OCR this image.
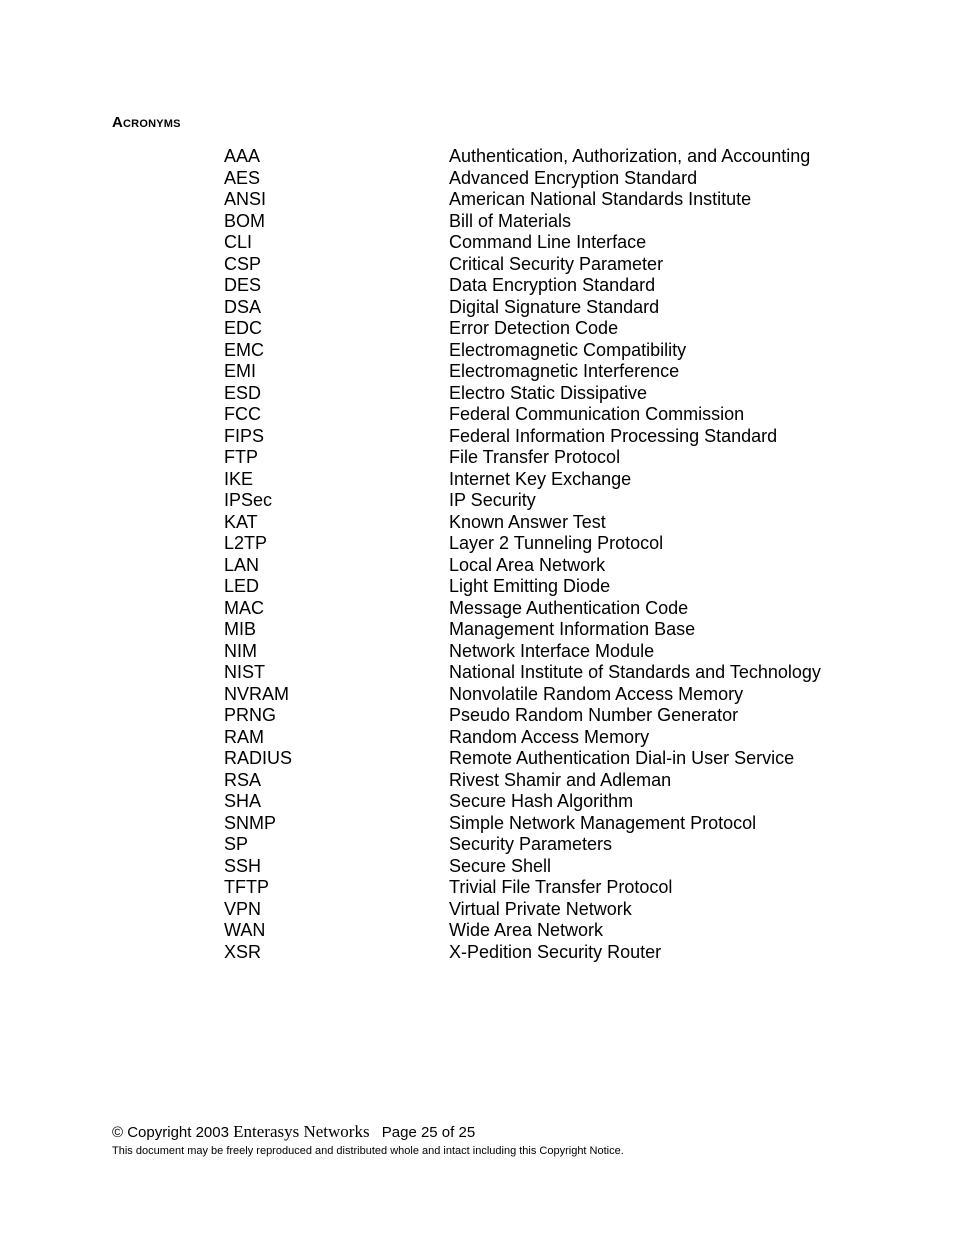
Acronyms
AAA	Authentication, Authorization, and Accounting
AES	Advanced Encryption Standard
ANSI	American National Standards Institute
BOM	Bill of Materials
CLI	Command Line Interface
CSP	Critical Security Parameter
DES	Data Encryption Standard
DSA	Digital Signature Standard
EDC	Error Detection Code
EMC	Electromagnetic Compatibility
EMI	Electromagnetic Interference
ESD	Electro Static Dissipative
FCC	Federal Communication Commission
FIPS	Federal Information Processing Standard
FTP	File Transfer Protocol
IKE	Internet Key Exchange
IPSec	IP Security
KAT	Known Answer Test
L2TP	Layer 2 Tunneling Protocol
LAN	Local Area Network
LED	Light Emitting Diode
MAC	Message Authentication Code
MIB	Management Information Base
NIM	Network Interface Module
NIST	National Institute of Standards and Technology
NVRAM	Nonvolatile Random Access Memory
PRNG	Pseudo Random Number Generator
RAM	Random Access Memory
RADIUS	Remote Authentication Dial-in User Service
RSA	Rivest Shamir and Adleman
SHA	Secure Hash Algorithm
SNMP	Simple Network Management Protocol
SP	Security Parameters
SSH	Secure Shell
TFTP	Trivial File Transfer Protocol
VPN	Virtual Private Network
WAN	Wide Area Network
XSR	X-Pedition Security Router
© Copyright 2003 Enterasys Networks Page 25 of 25
This document may be freely reproduced and distributed whole and intact including this Copyright Notice.
